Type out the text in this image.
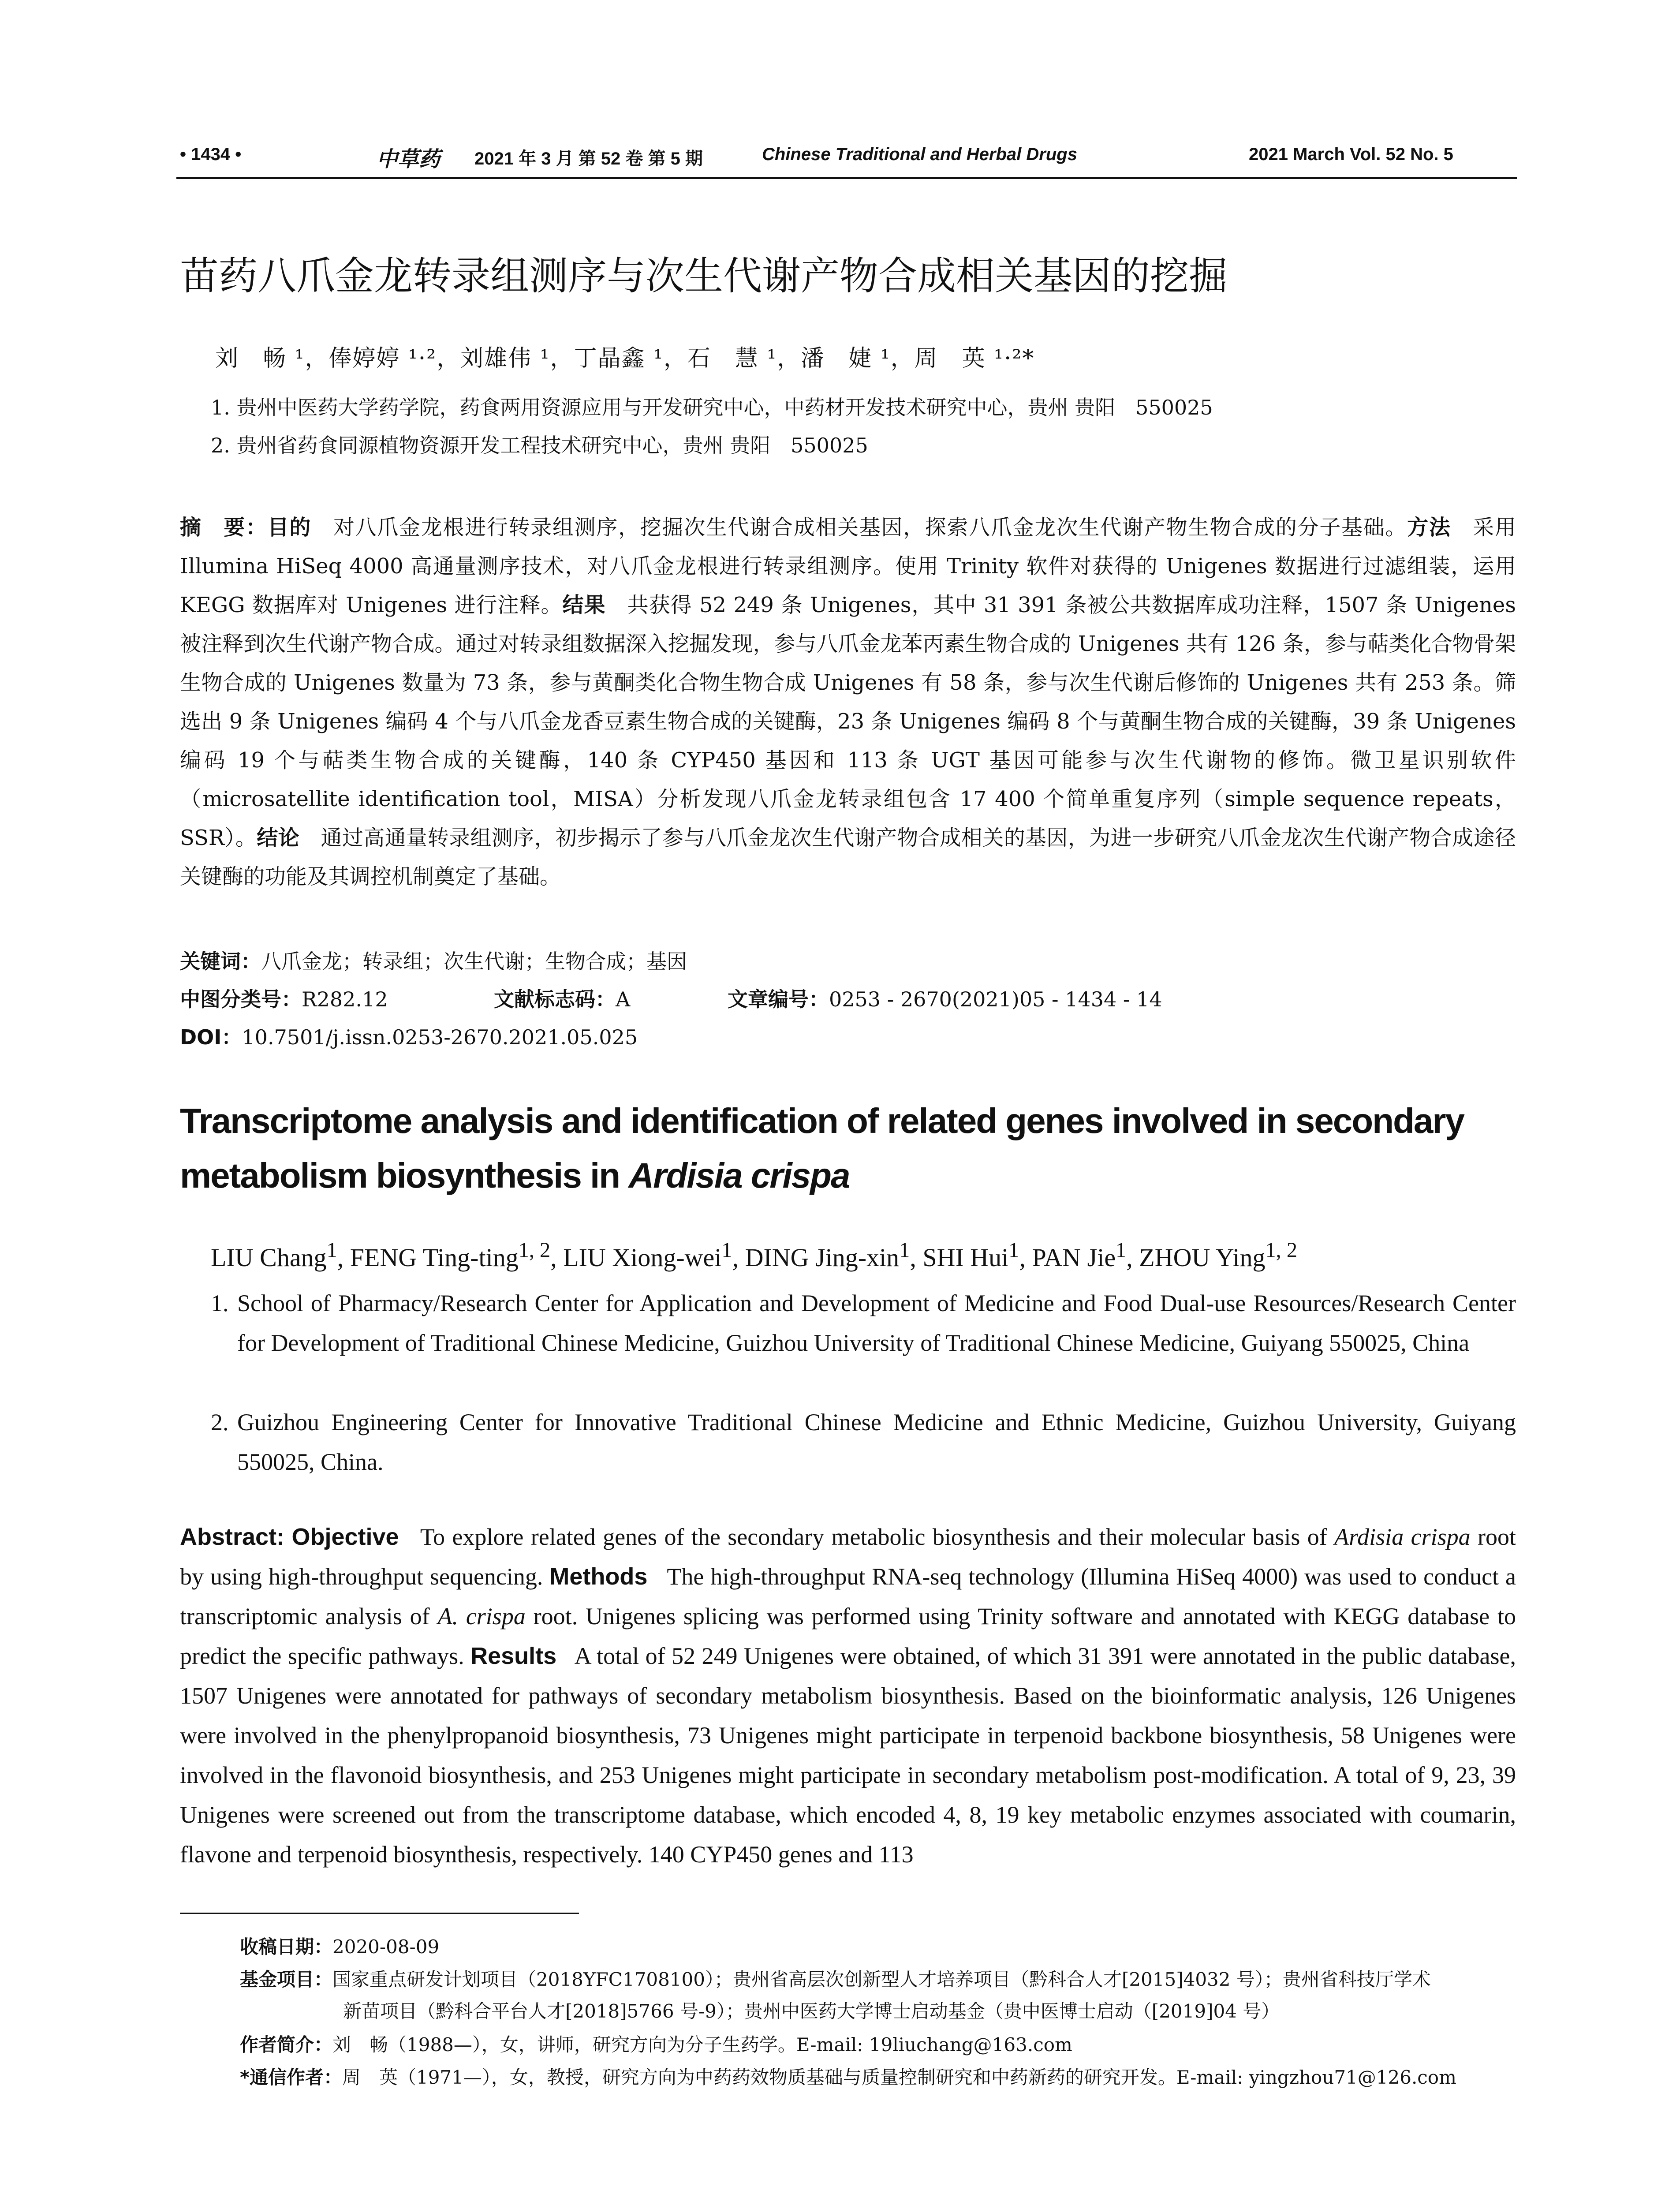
• 1434 •	中草药 2021 年 3 月 第 52 卷 第 5 期	Chinese Traditional and Herbal Drugs	2021 March Vol. 52 No. 5
苗药八爪金龙转录组测序与次生代谢产物合成相关基因的挖掘
刘　畅 ¹，俸婷婷 ¹·²，刘雄伟 ¹，丁晶鑫 ¹，石　慧 ¹，潘　婕 ¹，周　英 ¹·²*
1. 贵州中医药大学药学院，药食两用资源应用与开发研究中心，中药材开发技术研究中心，贵州 贵阳　550025
2. 贵州省药食同源植物资源开发工程技术研究中心，贵州 贵阳　550025
摘　要：目的　 对八爪金龙根进行转录组测序，挖掘次生代谢合成相关基因，探索八爪金龙次生代谢产物生物合成的分子基础。方法　 采用 Illumina HiSeq 4000 高通量测序技术，对八爪金龙根进行转录组测序。使用 Trinity 软件对获得的 Unigenes 数据进行过滤组装，运用 KEGG 数据库对 Unigenes 进行注释。结果　 共获得 52 249 条 Unigenes，其中 31 391 条被公共数据库成功注释，1507 条 Unigenes 被注释到次生代谢产物合成。通过对转录组数据深入挖掘发现，参与八爪金龙苯丙素生物合成的 Unigenes 共有 126 条，参与萜类化合物骨架生物合成的 Unigenes 数量为 73 条，参与黄酮类化合物生物合成 Unigenes 有 58 条，参与次生代谢后修饰的 Unigenes 共有 253 条。筛选出 9 条 Unigenes 编码 4 个与八爪金龙香豆素生物合成的关键酶，23 条 Unigenes 编码 8 个与黄酮生物合成的关键酶，39 条 Unigenes 编码 19 个与萜类生物合成的关键酶，140 条 CYP450 基因和 113 条 UGT 基因可能参与次生代谢物的修饰。微卫星识别软件（microsatellite identification tool，MISA）分析发现八爪金龙转录组包含 17 400 个简单重复序列（simple sequence repeats，SSR）。结论　 通过高通量转录组测序，初步揭示了参与八爪金龙次生代谢产物合成相关的基因，为进一步研究八爪金龙次生代谢产物合成途径关键酶的功能及其调控机制奠定了基础。
关键词：八爪金龙；转录组；次生代谢；生物合成；基因
中图分类号：R282.12	文献标志码：A	文章编号：0253 - 2670(2021)05 - 1434 - 14
DOI：10.7501/j.issn.0253-2670.2021.05.025
Transcriptome analysis and identification of related genes involved in secondary metabolism biosynthesis in Ardisia crispa
LIU Chang$^1$, FENG Ting-ting$^{1, 2}$, LIU Xiong-wei$^1$, DING Jing-xin$^1$, SHI Hui$^1$, PAN Jie$^1$, ZHOU Ying$^{1, 2}$
1. School of Pharmacy/Research Center for Application and Development of Medicine and Food Dual-use Resources/Research Center for Development of Traditional Chinese Medicine, Guizhou University of Traditional Chinese Medicine, Guiyang 550025, China
2. Guizhou Engineering Center for Innovative Traditional Chinese Medicine and Ethnic Medicine, Guizhou University, Guiyang 550025, China.
Abstract: Objective To explore related genes of the secondary metabolic biosynthesis and their molecular basis of Ardisia crispa root by using high-throughput sequencing. Methods The high-throughput RNA-seq technology (Illumina HiSeq 4000) was used to conduct a transcriptomic analysis of A. crispa root. Unigenes splicing was performed using Trinity software and annotated with KEGG database to predict the specific pathways. Results A total of 52 249 Unigenes were obtained, of which 31 391 were annotated in the public database, 1507 Unigenes were annotated for pathways of secondary metabolism biosynthesis. Based on the bioinformatic analysis, 126 Unigenes were involved in the phenylpropanoid biosynthesis, 73 Unigenes might participate in terpenoid backbone biosynthesis, 58 Unigenes were involved in the flavonoid biosynthesis, and 253 Unigenes might participate in secondary metabolism post-modification. A total of 9, 23, 39 Unigenes were screened out from the transcriptome database, which encoded 4, 8, 19 key metabolic enzymes associated with coumarin, flavone and terpenoid biosynthesis, respectively. 140 CYP450 genes and 113
收稿日期：2020-08-09
基金项目：国家重点研发计划项目（2018YFC1708100）；贵州省高层次创新型人才培养项目（黔科合人才[2015]4032 号）；贵州省科技厅学术
新苗项目（黔科合平台人才[2018]5766 号-9）；贵州中医药大学博士启动基金（贵中医博士启动（[2019]04 号）
作者简介：刘　畅（1988—），女，讲师，研究方向为分子生药学。E-mail: 19liuchang@163.com
*通信作者：周　英（1971—），女，教授，研究方向为中药药效物质基础与质量控制研究和中药新药的研究开发。E-mail: yingzhou71@126.com
